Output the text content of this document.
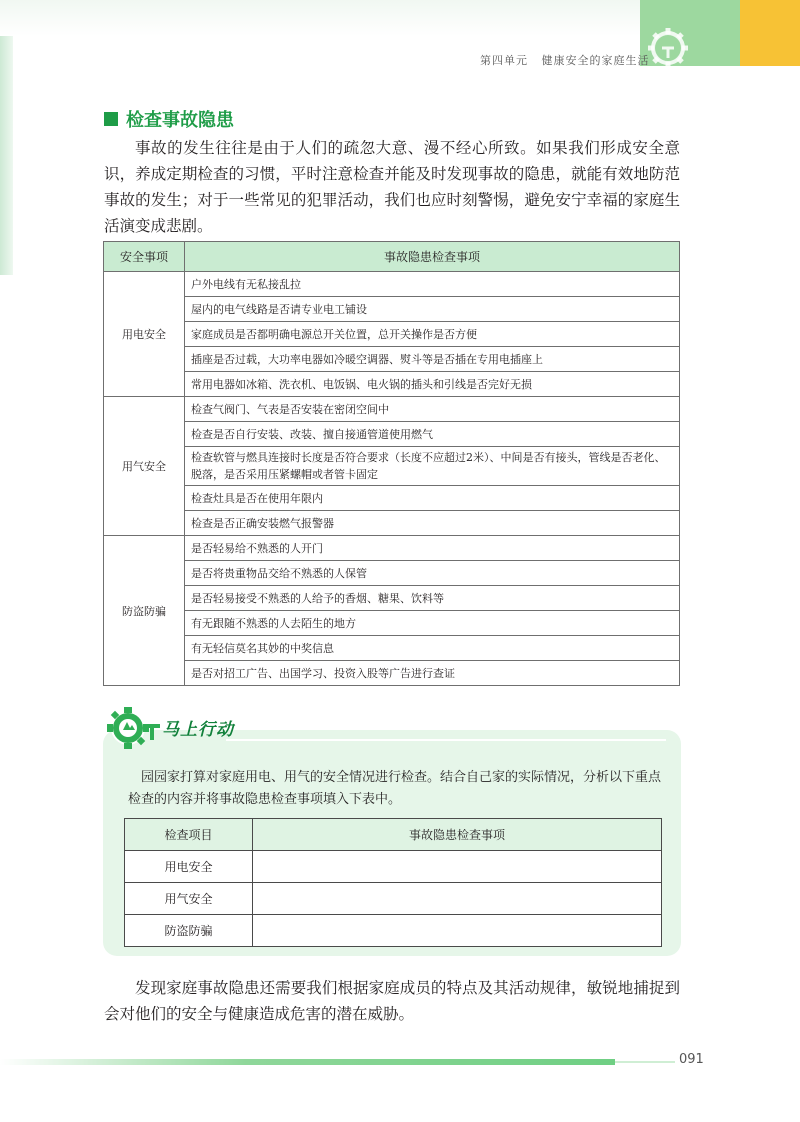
第四单元 健康安全的家庭生活
检查事故隐患
事故的发生往往是由于人们的疏忽大意、漫不经心所致。如果我们形成安全意识，养成定期检查的习惯，平时注意检查并能及时发现事故的隐患，就能有效地防范事故的发生；对于一些常见的犯罪活动，我们也应时刻警惕，避免安宁幸福的家庭生活演变成悲剧。
安全事项	事故隐患检查事项
用电安全	户外电线有无私接乱拉
	屋内的电气线路是否请专业电工铺设
	家庭成员是否都明确电源总开关位置，总开关操作是否方便
	插座是否过载，大功率电器如冷暖空调器、熨斗等是否插在专用电插座上
	常用电器如冰箱、洗衣机、电饭锅、电火锅的插头和引线是否完好无损
用气安全	检查气阀门、气表是否安装在密闭空间中
	检查是否自行安装、改装、擅自接通管道使用燃气
	检查软管与燃具连接时长度是否符合要求（长度不应超过2米）、中间是否有接头，管线是否老化、脱落，是否采用压紧螺帽或者管卡固定
	检查灶具是否在使用年限内
	检查是否正确安装燃气报警器
防盗防骗	是否轻易给不熟悉的人开门
	是否将贵重物品交给不熟悉的人保管
	是否轻易接受不熟悉的人给予的香烟、糖果、饮料等
	有无跟随不熟悉的人去陌生的地方
	有无轻信莫名其妙的中奖信息
	是否对招工广告、出国学习、投资入股等广告进行查证
马上行动
园园家打算对家庭用电、用气的安全情况进行检查。结合自己家的实际情况，分析以下重点检查的内容并将事故隐患检查事项填入下表中。
检查项目	事故隐患检查事项
用电安全	
用气安全	
防盗防骗	
发现家庭事故隐患还需要我们根据家庭成员的特点及其活动规律，敏锐地捕捉到会对他们的安全与健康造成危害的潜在威胁。
091
